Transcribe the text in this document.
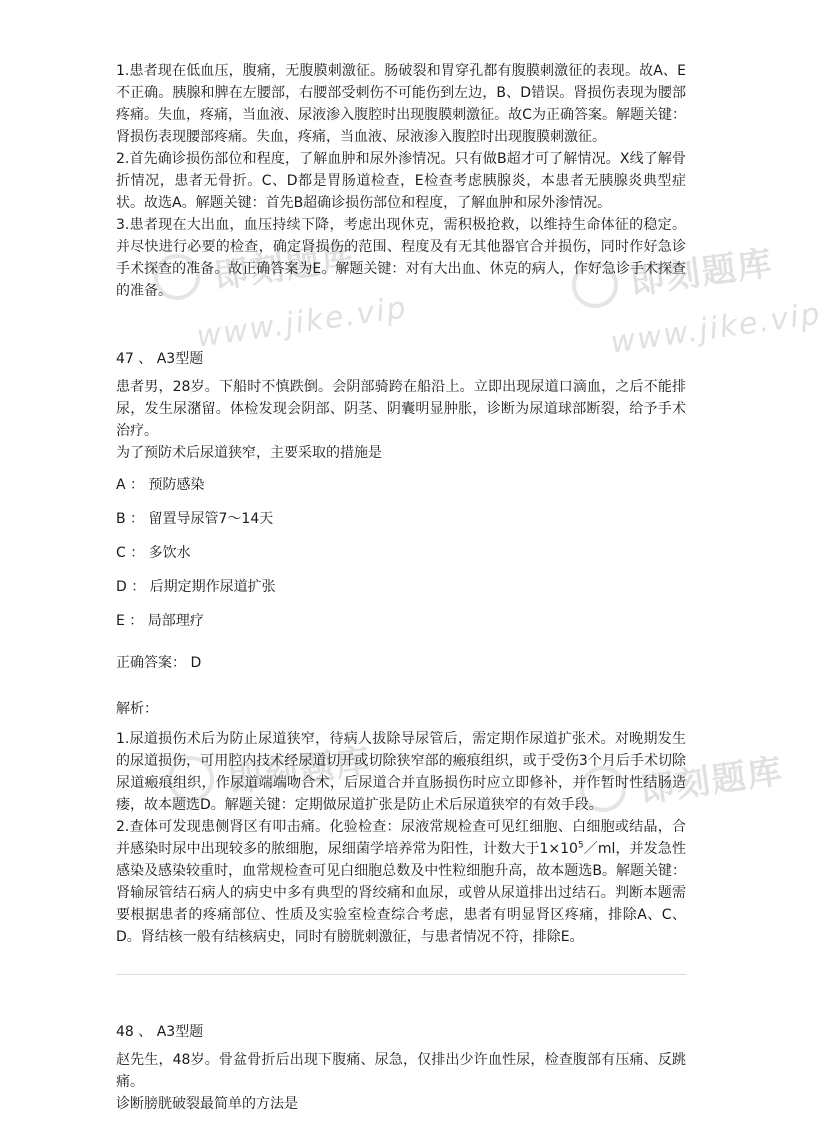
即刻题库
www.jike.vip
即刻题库
www.jike.vip
即刻题库	即刻题库

1.患者现在低血压，腹痛，无腹膜刺激征。肠破裂和胃穿孔都有腹膜刺激征的表现。故A、E不正确。胰腺和脾在左腰部，右腰部受刺伤不可能伤到左边，B、D错误。肾损伤表现为腰部疼痛。失血，疼痛，当血液、尿液渗入腹腔时出现腹膜刺激征。故C为正确答案。解题关键：肾损伤表现腰部疼痛。失血，疼痛，当血液、尿液渗入腹腔时出现腹膜刺激征。

2.首先确诊损伤部位和程度，了解血肿和尿外渗情况。只有做B超才可了解情况。X线了解骨折情况，患者无骨折。C、D都是胃肠道检查，E检查考虑胰腺炎，本患者无胰腺炎典型症状。故选A。解题关键：首先B超确诊损伤部位和程度，了解血肿和尿外渗情况。

3.患者现在大出血，血压持续下降，考虑出现休克，需积极抢救，以维持生命体征的稳定。并尽快进行必要的检查，确定肾损伤的范围、程度及有无其他器官合并损伤，同时作好急诊手术探查的准备。故正确答案为E。解题关键：对有大出血、休克的病人，作好急诊手术探查的准备。

47 、 A3型题

患者男，28岁。下船时不慎跌倒。会阴部骑跨在船沿上。立即出现尿道口滴血，之后不能排尿，发生尿潴留。体检发现会阴部、阴茎、阴囊明显肿胀，诊断为尿道球部断裂，给予手术治疗。

为了预防术后尿道狭窄，主要采取的措施是

A ： 预防感染

B ： 留置导尿管7～14天

C ： 多饮水

D ： 后期定期作尿道扩张

E ： 局部理疗

正确答案： D

解析：

1.尿道损伤术后为防止尿道狭窄，待病人拔除导尿管后，需定期作尿道扩张术。对晚期发生的尿道损伤，可用腔内技术经尿道切开或切除狭窄部的瘢痕组织，或于受伤3个月后手术切除尿道瘢痕组织，作尿道端端吻合术，后尿道合并直肠损伤时应立即修补，并作暂时性结肠造瘘，故本题选D。解题关键：定期做尿道扩张是防止术后尿道狭窄的有效手段。

2.查体可发现患侧肾区有叩击痛。化验检查：尿液常规检查可见红细胞、白细胞或结晶，合并感染时尿中出现较多的脓细胞，尿细菌学培养常为阳性，计数大于$1\times 10^5/ml$，并发急性感染及感染较重时，血常规检查可见白细胞总数及中性粒细胞升高，故本题选B。解题关键：肾输尿管结石病人的病史中多有典型的肾绞痛和血尿，或曾从尿道排出过结石。判断本题需要根据患者的疼痛部位、性质及实验室检查综合考虑，患者有明显肾区疼痛，排除A、C、D。肾结核一般有结核病史，同时有膀胱刺激征，与患者情况不符，排除E。

48 、 A3型题

赵先生，48岁。骨盆骨折后出现下腹痛、尿急，仅排出少许血性尿，检查腹部有压痛、反跳痛。

诊断膀胱破裂最简单的方法是
